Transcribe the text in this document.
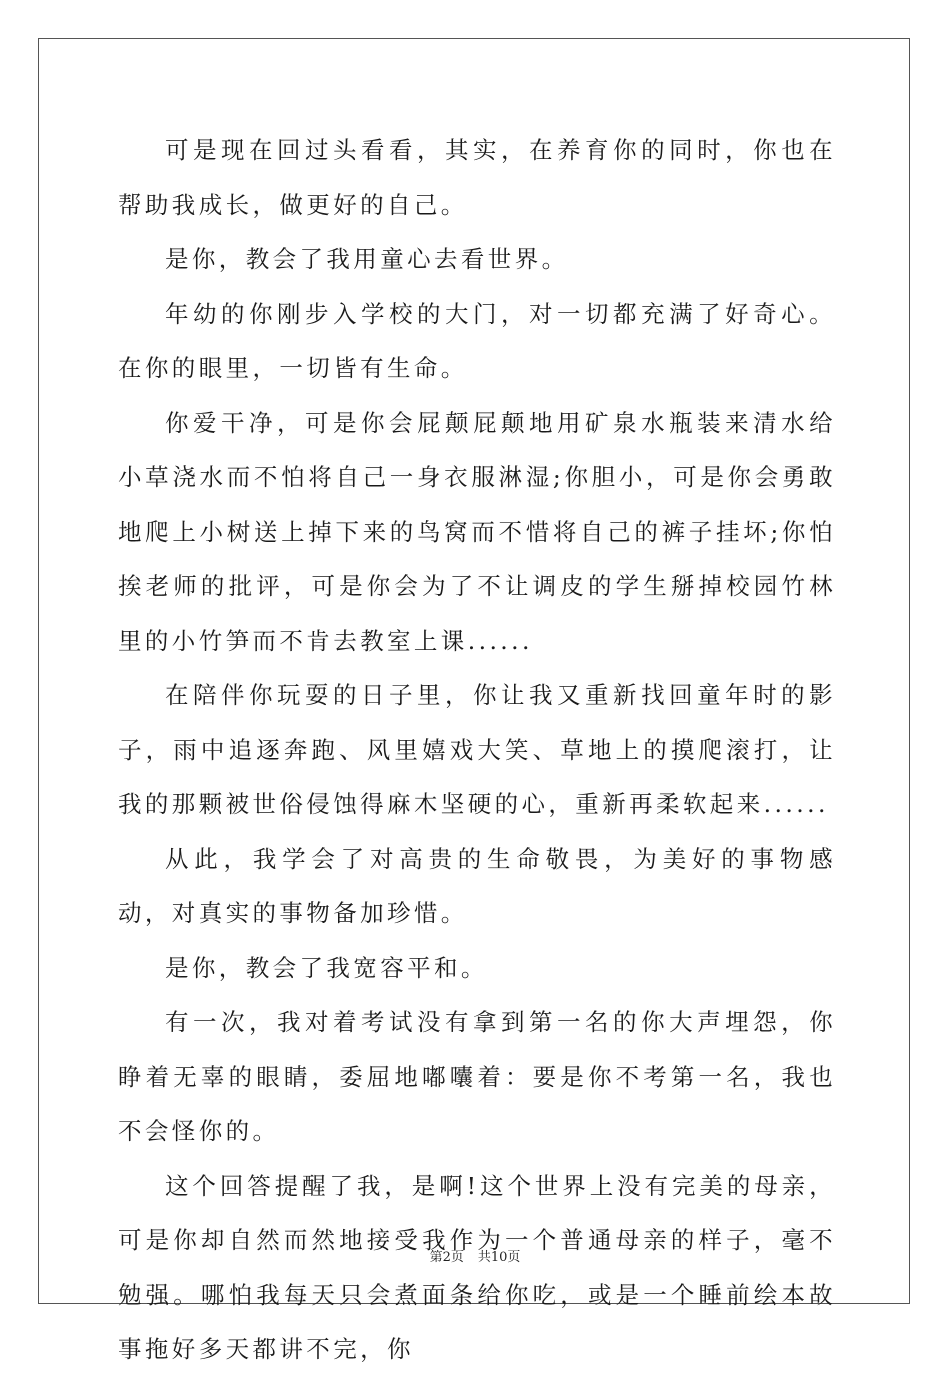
可是现在回过头看看，其实，在养育你的同时，你也在帮助我成长，做更好的自己。

是你，教会了我用童心去看世界。

年幼的你刚步入学校的大门，对一切都充满了好奇心。在你的眼里，一切皆有生命。

你爱干净，可是你会屁颠屁颠地用矿泉水瓶装来清水给小草浇水而不怕将自己一身衣服淋湿;你胆小，可是你会勇敢地爬上小树送上掉下来的鸟窝而不惜将自己的裤子挂坏;你怕挨老师的批评，可是你会为了不让调皮的学生掰掉校园竹林里的小竹笋而不肯去教室上课......

在陪伴你玩耍的日子里，你让我又重新找回童年时的影子，雨中追逐奔跑、风里嬉戏大笑、草地上的摸爬滚打，让我的那颗被世俗侵蚀得麻木坚硬的心，重新再柔软起来......

从此，我学会了对高贵的生命敬畏，为美好的事物感动，对真实的事物备加珍惜。

是你，教会了我宽容平和。

有一次，我对着考试没有拿到第一名的你大声埋怨，你睁着无辜的眼睛，委屈地嘟囔着：要是你不考第一名，我也不会怪你的。

这个回答提醒了我，是啊!这个世界上没有完美的母亲，可是你却自然而然地接受我作为一个普通母亲的样子，毫不勉强。哪怕我每天只会煮面条给你吃，或是一个睡前绘本故事拖好多天都讲不完，你

第2页 共10页
